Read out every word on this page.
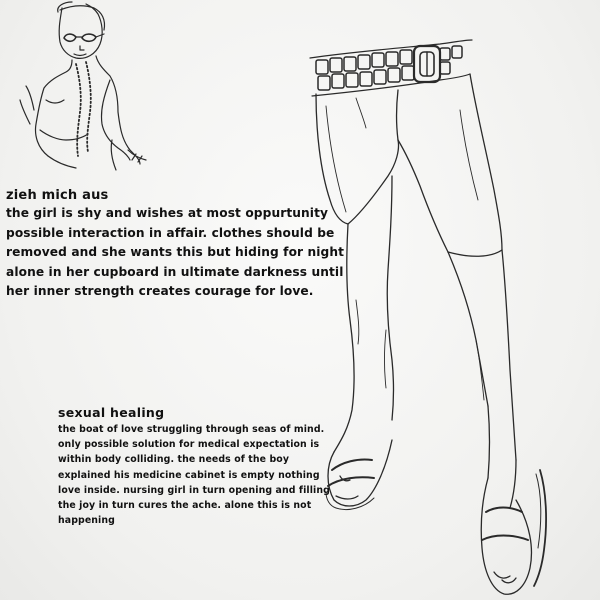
zieh mich aus
the girl is shy and wishes at most oppurtunity
possible interaction in affair. clothes should be
removed and she wants this but hiding for night
alone in her cupboard in ultimate darkness until
her inner strength creates courage for love.
sexual healing
the boat of love struggling through seas of mind.
only possible solution for medical expectation is
within body colliding. the needs of the boy
explained his medicine cabinet is empty nothing
love inside. nursing girl in turn opening and filling
the joy in turn cures the ache. alone this is not
happening
